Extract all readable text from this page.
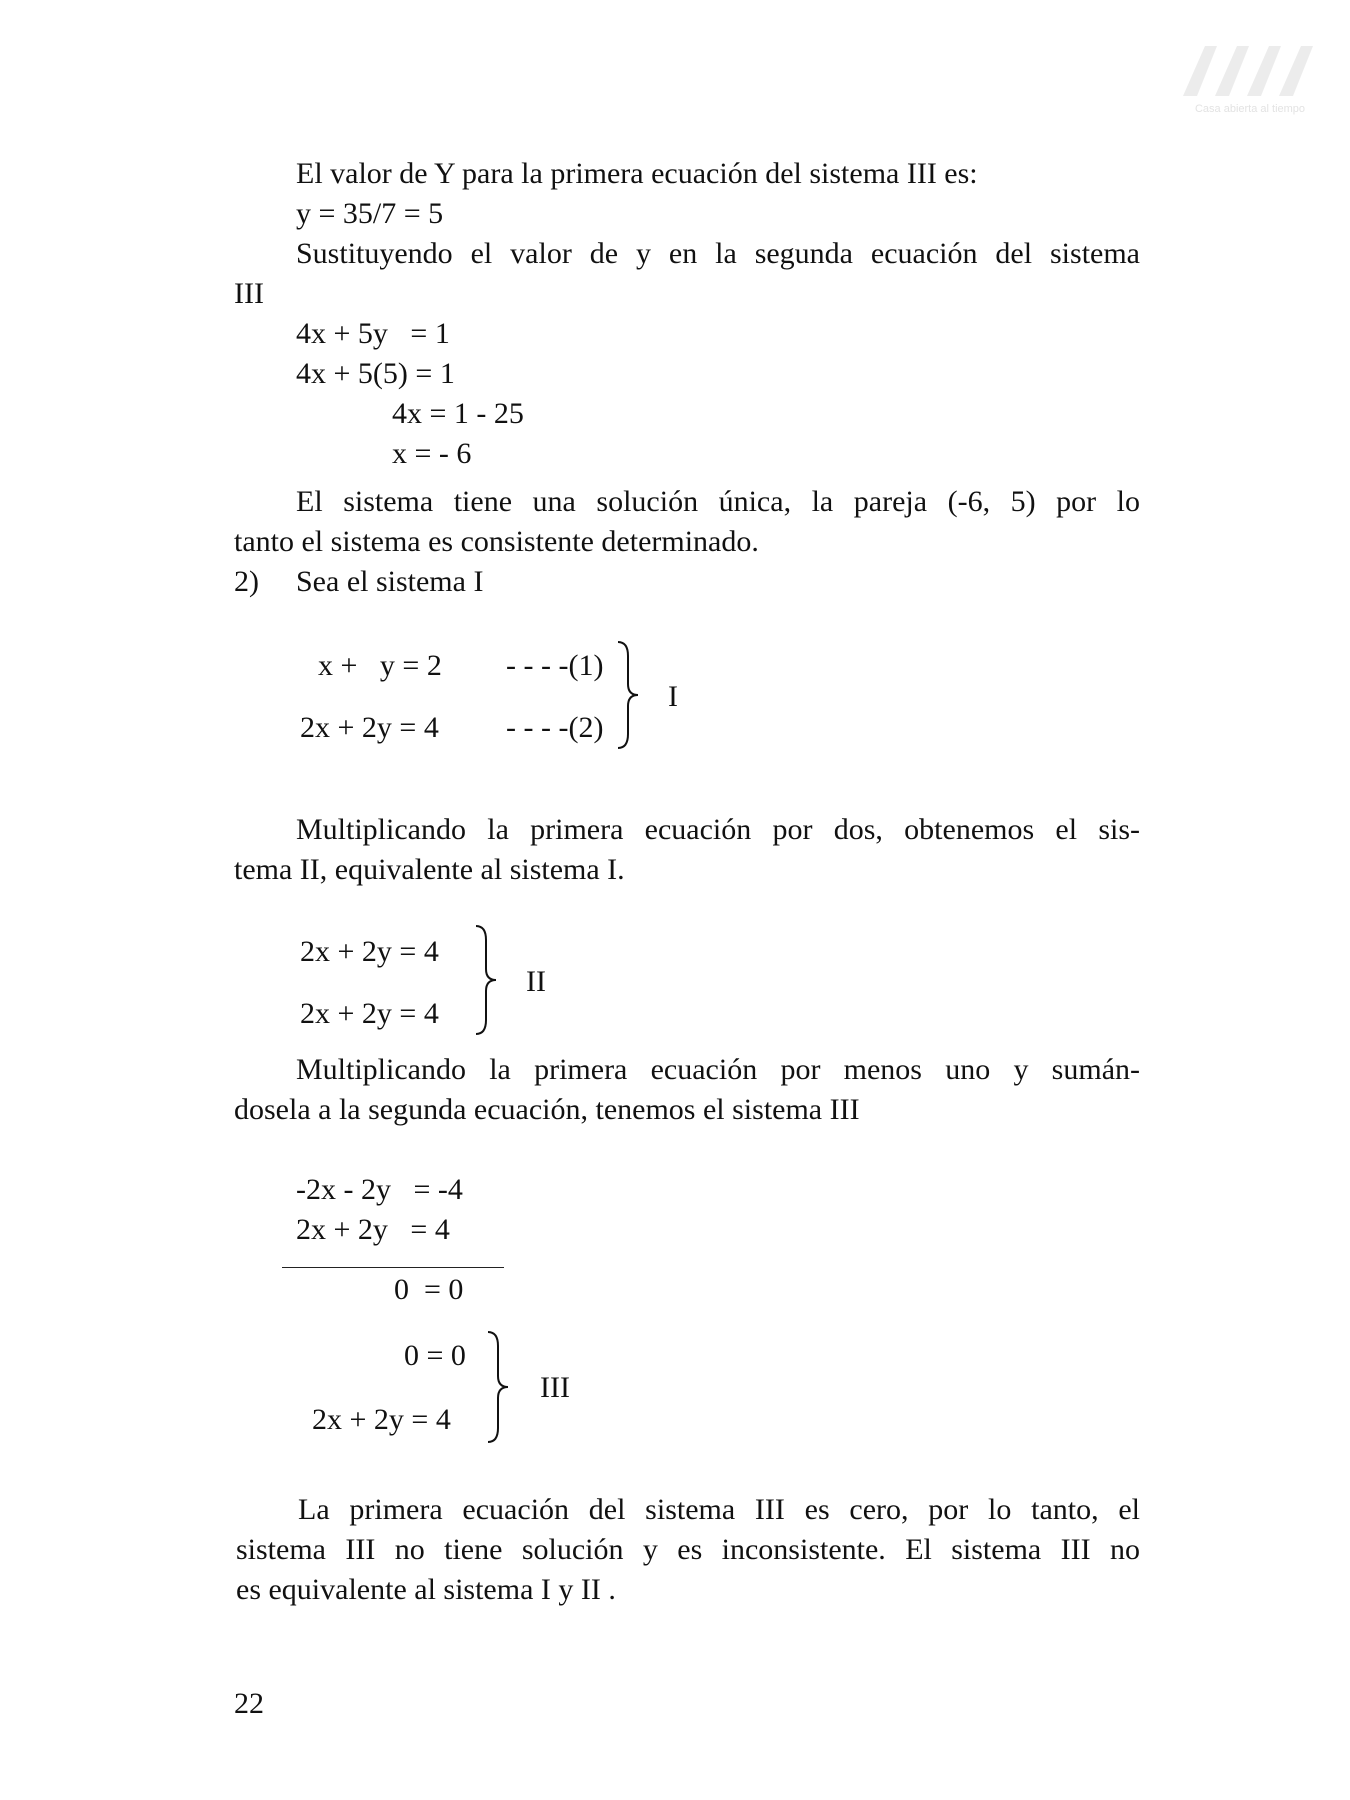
Casa abierta al tiempo
El valor de Y para la primera ecuación del sistema III es:
y = 35/7 = 5
Sustituyendo el valor de y en la segunda ecuación del sistema
III
4x + 5y   = 1
4x + 5(5) = 1
4x = 1 - 25
x = - 6
El sistema tiene una solución única, la pareja (-6, 5) por lo
tanto el sistema es consistente determinado.
2) Sea el sistema I
x +   y = 2 - - - -(1)
2x + 2y = 4 - - - -(2)
I
Multiplicando la primera ecuación por dos, obtenemos el sis-
tema II, equivalente al sistema I.
2x + 2y = 4
2x + 2y = 4
II
Multiplicando la primera ecuación por menos uno y sumán-
dosela a la segunda ecuación, tenemos el sistema III
-2x - 2y   = -4
2x + 2y   = 4
0  = 0
0 = 0
2x + 2y = 4
III
La primera ecuación del sistema III es cero, por lo tanto, el
sistema III no tiene solución y es inconsistente. El sistema III no
es equivalente al sistema I y II .
22
